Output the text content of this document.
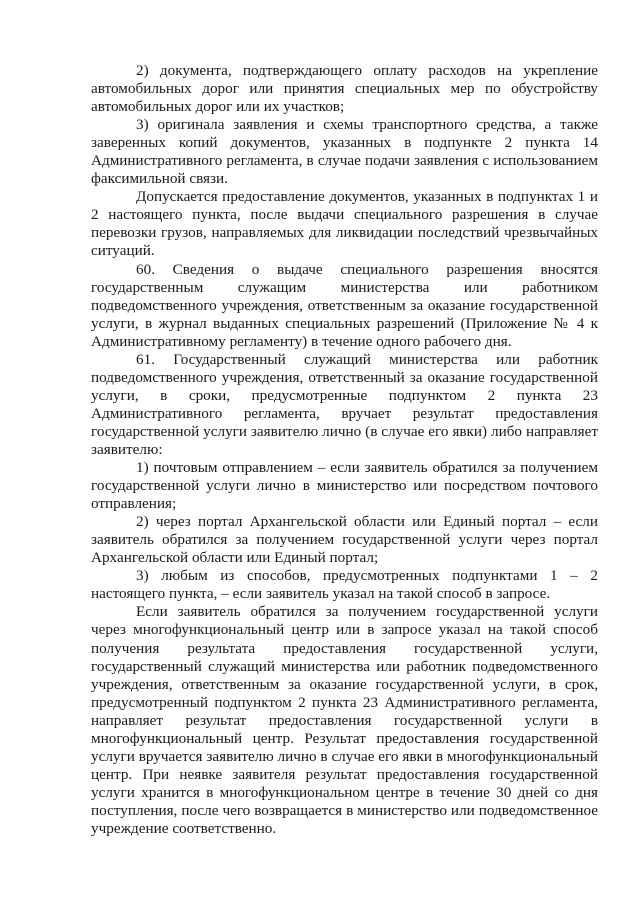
2) документа, подтверждающего оплату расходов на укрепление автомобильных дорог или принятия специальных мер по обустройству автомобильных дорог или их участков;

3) оригинала заявления и схемы транспортного средства, а также заверенных копий документов, указанных в подпункте 2 пункта 14 Административного регламента, в случае подачи заявления с использованием факсимильной связи.

Допускается предоставление документов, указанных в подпунктах 1 и 2 настоящего пункта, после выдачи специального разрешения в случае перевозки грузов, направляемых для ликвидации последствий чрезвычайных ситуаций.

60. Сведения о выдаче специального разрешения вносятся государственным служащим министерства или работником подведомственного учреждения, ответственным за оказание государственной услуги, в журнал выданных специальных разрешений (Приложение № 4 к Административному регламенту) в течение одного рабочего дня.

61. Государственный служащий министерства или работник подведомственного учреждения, ответственный за оказание государственной услуги, в сроки, предусмотренные подпунктом 2 пункта 23 Административного регламента, вручает результат предоставления государственной услуги заявителю лично (в случае его явки) либо направляет заявителю:

1) почтовым отправлением – если заявитель обратился за получением государственной услуги лично в министерство или посредством почтового отправления;

2) через портал Архангельской области или Единый портал – если заявитель обратился за получением государственной услуги через портал Архангельской области или Единый портал;

3) любым из способов, предусмотренных подпунктами 1 – 2 настоящего пункта, – если заявитель указал на такой способ в запросе.

Если заявитель обратился за получением государственной услуги через многофункциональный центр или в запросе указал на такой способ получения результата предоставления государственной услуги, государственный служащий министерства или работник подведомственного учреждения, ответственным за оказание государственной услуги, в срок, предусмотренный подпунктом 2 пункта 23 Административного регламента, направляет результат предоставления государственной услуги в многофункциональный центр. Результат предоставления государственной услуги вручается заявителю лично в случае его явки в многофункциональный центр. При неявке заявителя результат предоставления государственной услуги хранится в многофункциональном центре в течение 30 дней со дня поступления, после чего возвращается в министерство или подведомственное учреждение соответственно.
